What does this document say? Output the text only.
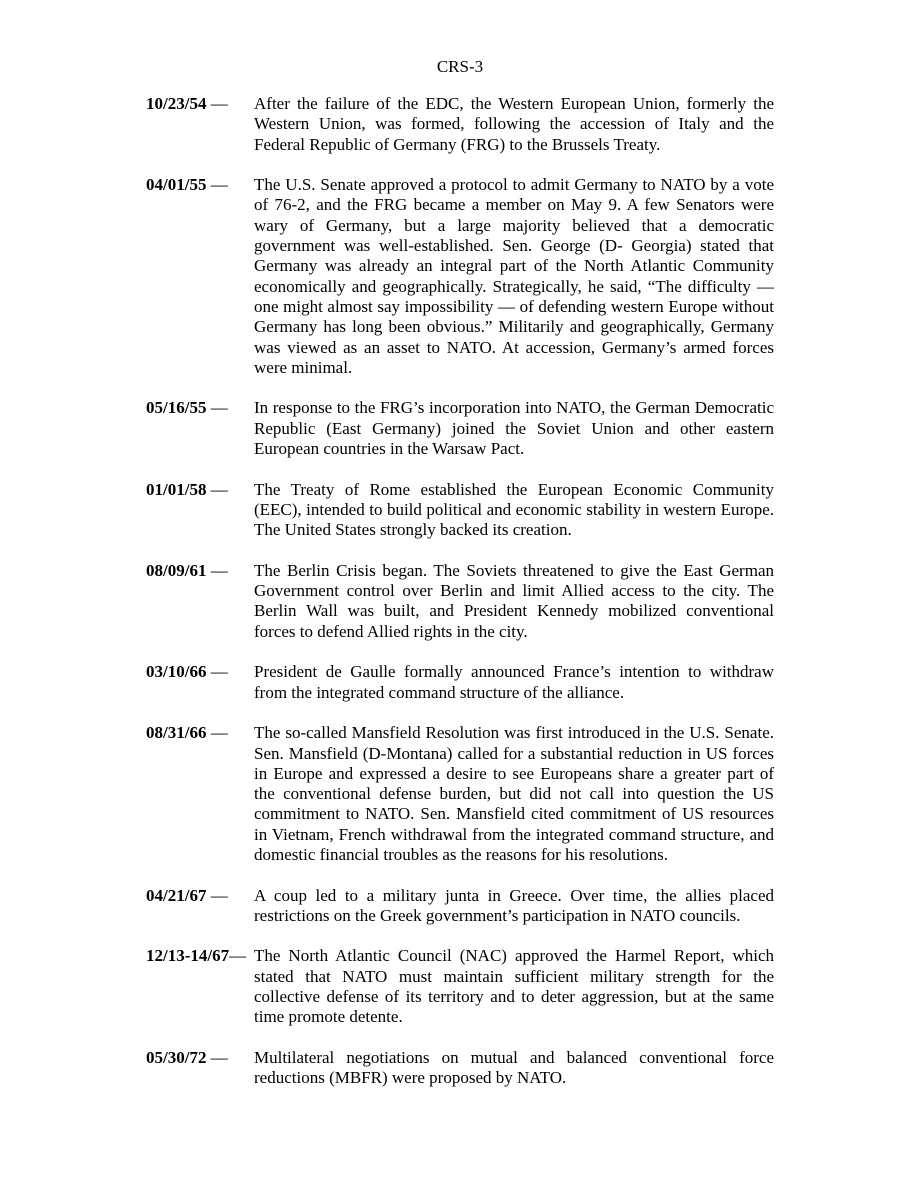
CRS-3
10/23/54 — After the failure of the EDC, the Western European Union, formerly the Western Union, was formed, following the accession of Italy and the Federal Republic of Germany (FRG) to the Brussels Treaty.
04/01/55 — The U.S. Senate approved a protocol to admit Germany to NATO by a vote of 76-2, and the FRG became a member on May 9. A few Senators were wary of Germany, but a large majority believed that a democratic government was well-established. Sen. George (D- Georgia) stated that Germany was already an integral part of the North Atlantic Community economically and geographically. Strategically, he said, “The difficulty — one might almost say impossibility — of defending western Europe without Germany has long been obvious.” Militarily and geographically, Germany was viewed as an asset to NATO. At accession, Germany’s armed forces were minimal.
05/16/55 — In response to the FRG’s incorporation into NATO, the German Democratic Republic (East Germany) joined the Soviet Union and other eastern European countries in the Warsaw Pact.
01/01/58 — The Treaty of Rome established the European Economic Community (EEC), intended to build political and economic stability in western Europe. The United States strongly backed its creation.
08/09/61 — The Berlin Crisis began. The Soviets threatened to give the East German Government control over Berlin and limit Allied access to the city. The Berlin Wall was built, and President Kennedy mobilized conventional forces to defend Allied rights in the city.
03/10/66 — President de Gaulle formally announced France’s intention to withdraw from the integrated command structure of the alliance.
08/31/66 — The so-called Mansfield Resolution was first introduced in the U.S. Senate. Sen. Mansfield (D-Montana) called for a substantial reduction in US forces in Europe and expressed a desire to see Europeans share a greater part of the conventional defense burden, but did not call into question the US commitment to NATO. Sen. Mansfield cited commitment of US resources in Vietnam, French withdrawal from the integrated command structure, and domestic financial troubles as the reasons for his resolutions.
04/21/67 — A coup led to a military junta in Greece. Over time, the allies placed restrictions on the Greek government’s participation in NATO councils.
12/13-14/67— The North Atlantic Council (NAC) approved the Harmel Report, which stated that NATO must maintain sufficient military strength for the collective defense of its territory and to deter aggression, but at the same time promote detente.
05/30/72 — Multilateral negotiations on mutual and balanced conventional force reductions (MBFR) were proposed by NATO.
